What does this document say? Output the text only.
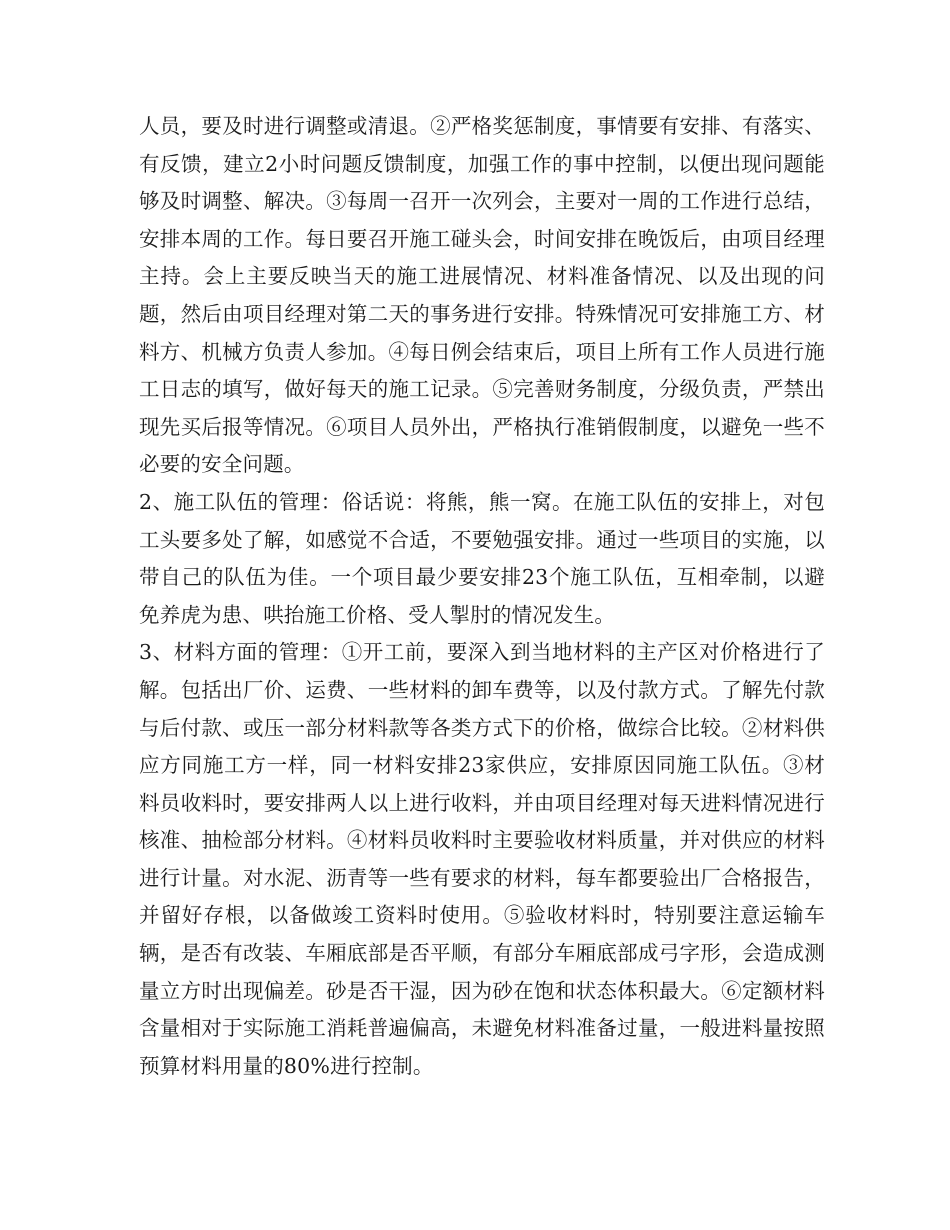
人员，要及时进行调整或清退。②严格奖惩制度，事情要有安排、有落实、有反馈，建立2小时问题反馈制度，加强工作的事中控制，以便出现问题能够及时调整、解决。③每周一召开一次列会，主要对一周的工作进行总结，安排本周的工作。每日要召开施工碰头会，时间安排在晚饭后，由项目经理主持。会上主要反映当天的施工进展情况、材料准备情况、以及出现的问题，然后由项目经理对第二天的事务进行安排。特殊情况可安排施工方、材料方、机械方负责人参加。④每日例会结束后，项目上所有工作人员进行施工日志的填写，做好每天的施工记录。⑤完善财务制度，分级负责，严禁出现先买后报等情况。⑥项目人员外出，严格执行准销假制度，以避免一些不必要的安全问题。

2、施工队伍的管理：俗话说：将熊，熊一窝。在施工队伍的安排上，对包工头要多处了解，如感觉不合适，不要勉强安排。通过一些项目的实施，以带自己的队伍为佳。一个项目最少要安排23个施工队伍，互相牵制，以避免养虎为患、哄抬施工价格、受人掣肘的情况发生。

3、材料方面的管理：①开工前，要深入到当地材料的主产区对价格进行了解。包括出厂价、运费、一些材料的卸车费等，以及付款方式。了解先付款与后付款、或压一部分材料款等各类方式下的价格，做综合比较。②材料供应方同施工方一样，同一材料安排23家供应，安排原因同施工队伍。③材料员收料时，要安排两人以上进行收料，并由项目经理对每天进料情况进行核准、抽检部分材料。④材料员收料时主要验收材料质量，并对供应的材料进行计量。对水泥、沥青等一些有要求的材料，每车都要验出厂合格报告，并留好存根，以备做竣工资料时使用。⑤验收材料时，特别要注意运输车辆，是否有改装、车厢底部是否平顺，有部分车厢底部成弓字形，会造成测量立方时出现偏差。砂是否干湿，因为砂在饱和状态体积最大。⑥定额材料含量相对于实际施工消耗普遍偏高，未避免材料准备过量，一般进料量按照预算材料用量的80%进行控制。
